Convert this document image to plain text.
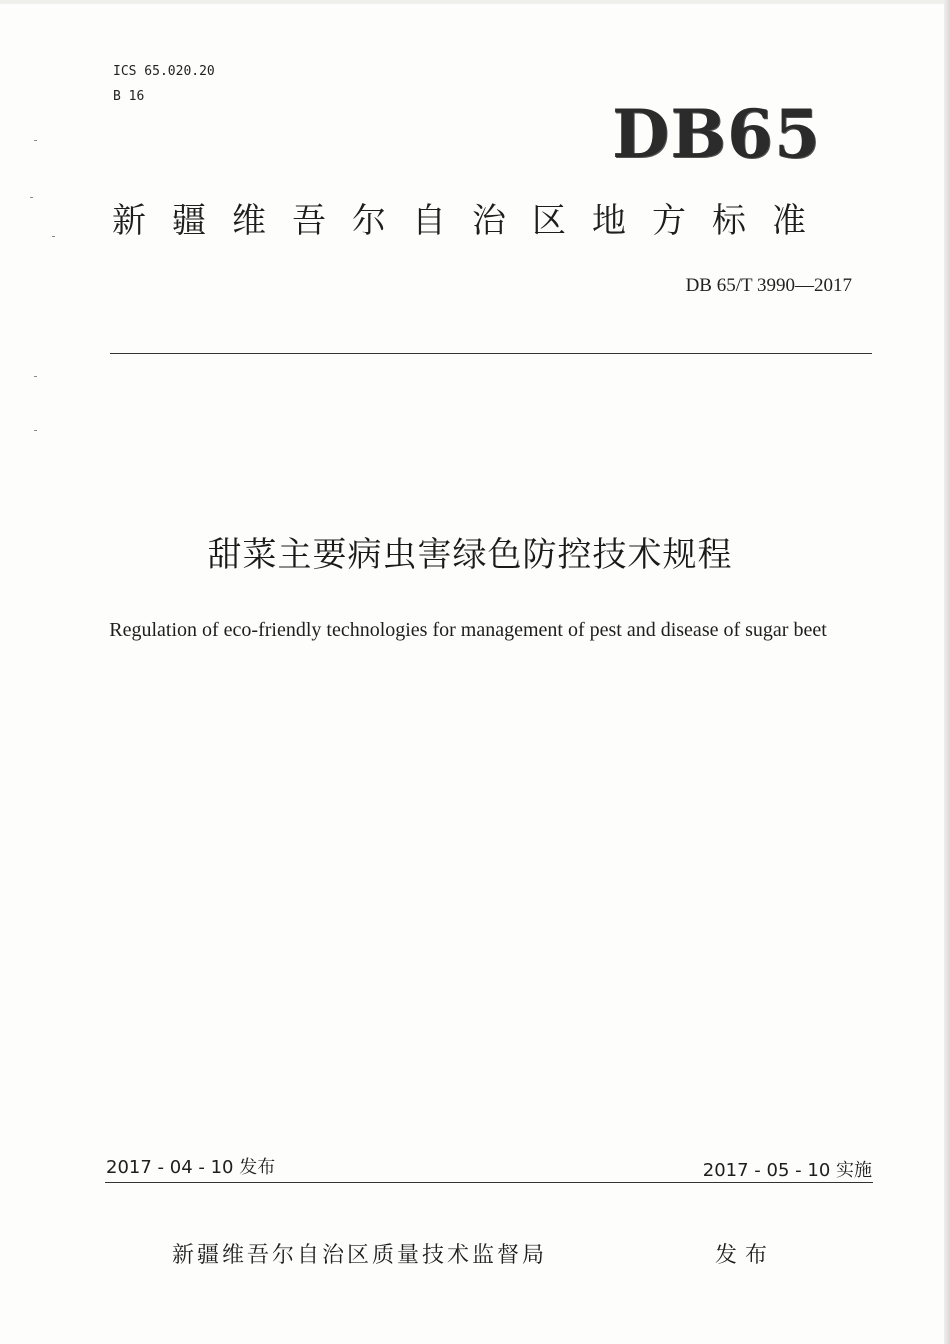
ICS 65.020.20
B 16	DB65
新疆维吾尔自治区地方标准
DB 65/T 3990—2017
甜菜主要病虫害绿色防控技术规程
Regulation of eco-friendly technologies for management of pest and disease of sugar beet
2017 - 04 - 10 发布	2017 - 05 - 10 实施
新疆维吾尔自治区质量技术监督局	发布
